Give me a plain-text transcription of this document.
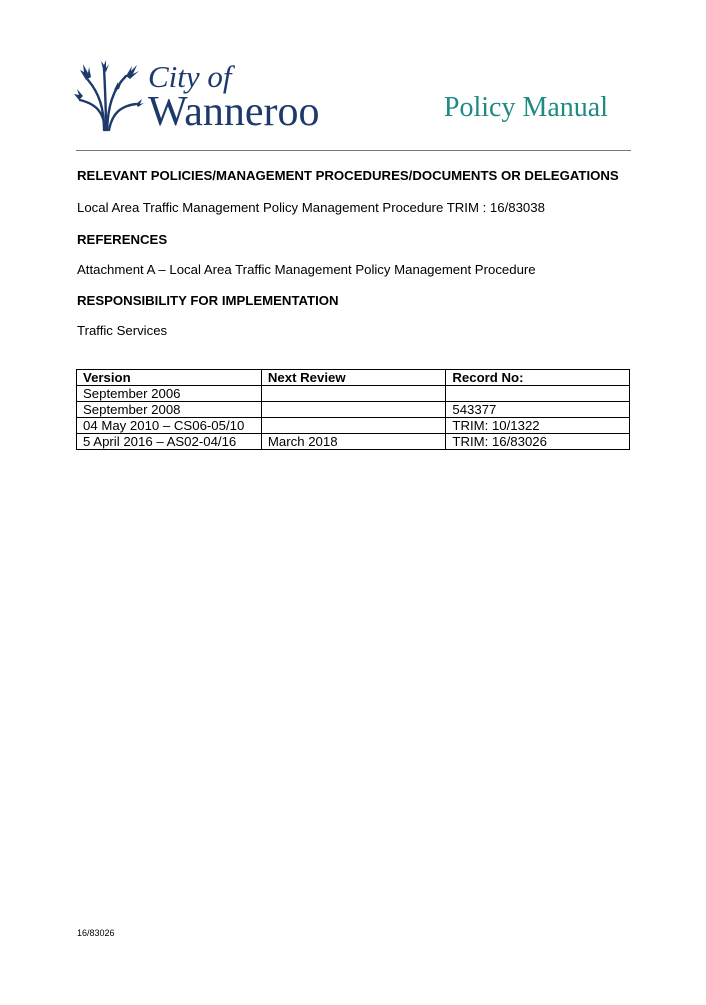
City of
Wanneroo	Policy Manual
RELEVANT POLICIES/MANAGEMENT PROCEDURES/DOCUMENTS OR DELEGATIONS
Local Area Traffic Management Policy Management Procedure TRIM : 16/83038
REFERENCES
Attachment A – Local Area Traffic Management Policy Management Procedure
RESPONSIBILITY FOR IMPLEMENTATION
Traffic Services
Version	Next Review	Record No:
September 2006		
September 2008		543377
04 May 2010 – CS06-05/10		TRIM: 10/1322
5 April 2016 – AS02-04/16	March 2018	TRIM: 16/83026
16/83026
